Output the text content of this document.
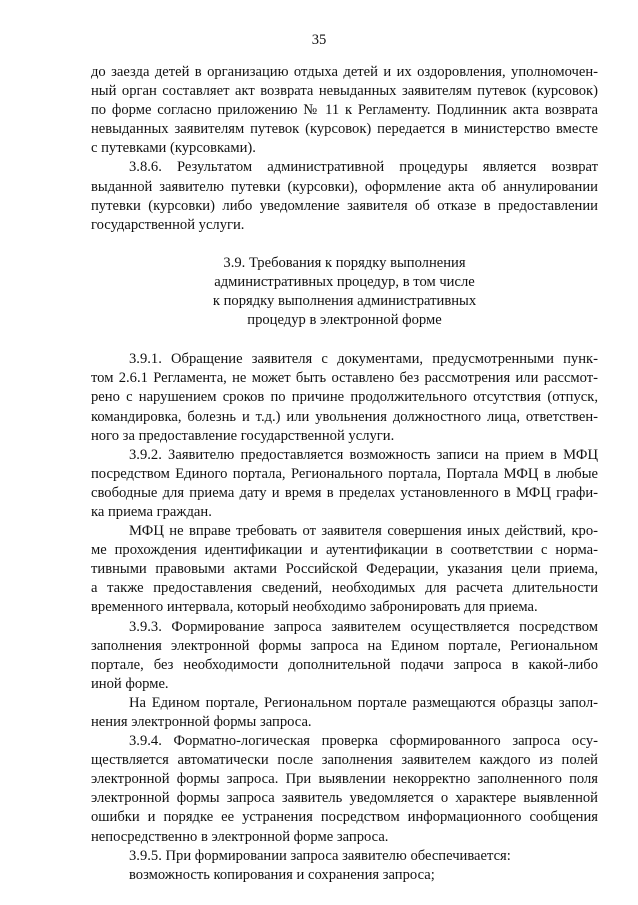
35
до заезда детей в организацию отдыха детей и их оздоровления, уполномочен-
ный орган составляет акт возврата невыданных заявителям путевок (курсовок)
по форме согласно приложению № 11 к Регламенту. Подлинник акта возврата
невыданных заявителям путевок (курсовок) передается в министерство вместе
с путевками (курсовками).
3.8.6. Результатом административной процедуры является возврат
выданной заявителю путевки (курсовки), оформление акта об аннулировании
путевки (курсовки) либо уведомление заявителя об отказе в предоставлении
государственной услуги.
3.9. Требования к порядку выполнения
административных процедур, в том числе
к порядку выполнения административных
процедур в электронной форме
3.9.1. Обращение заявителя с документами, предусмотренными пунк-
том 2.6.1 Регламента, не может быть оставлено без рассмотрения или рассмот-
рено с нарушением сроков по причине продолжительного отсутствия (отпуск,
командировка, болезнь и т.д.) или увольнения должностного лица, ответствен-
ного за предоставление государственной услуги.
3.9.2. Заявителю предоставляется возможность записи на прием в МФЦ
посредством Единого портала, Регионального портала, Портала МФЦ в любые
свободные для приема дату и время в пределах установленного в МФЦ графи-
ка приема граждан.
МФЦ не вправе требовать от заявителя совершения иных действий, кро-
ме прохождения идентификации и аутентификации в соответствии с норма-
тивными правовыми актами Российской Федерации, указания цели приема,
а также предоставления сведений, необходимых для расчета длительности
временного интервала, который необходимо забронировать для приема.
3.9.3. Формирование запроса заявителем осуществляется посредством
заполнения электронной формы запроса на Едином портале, Региональном
портале, без необходимости дополнительной подачи запроса в какой-либо
иной форме.
На Едином портале, Региональном портале размещаются образцы запол-
нения электронной формы запроса.
3.9.4. Форматно-логическая проверка сформированного запроса осу-
ществляется автоматически после заполнения заявителем каждого из полей
электронной формы запроса. При выявлении некорректно заполненного поля
электронной формы запроса заявитель уведомляется о характере выявленной
ошибки и порядке ее устранения посредством информационного сообщения
непосредственно в электронной форме запроса.
3.9.5. При формировании запроса заявителю обеспечивается:
возможность копирования и сохранения запроса;
